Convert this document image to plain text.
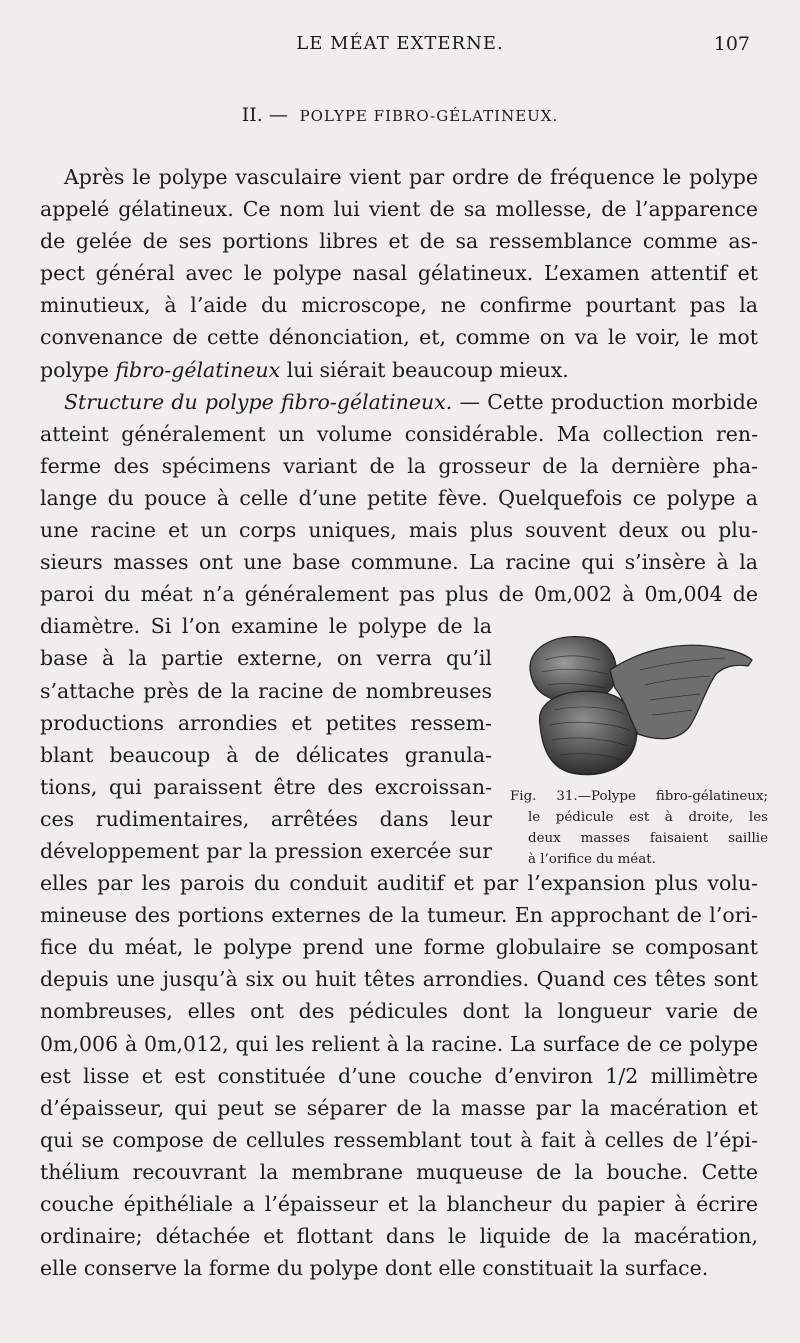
LE MÉAT EXTERNE.	107
II. — POLYPE FIBRO-GÉLATINEUX.
Après le polype vasculaire vient par ordre de fréquence le polype
appelé gélatineux. Ce nom lui vient de sa mollesse, de l’apparence
de gelée de ses portions libres et de sa ressemblance comme as-
pect général avec le polype nasal gélatineux. L’examen attentif et
minutieux, à l’aide du microscope, ne confirme pourtant pas la
convenance de cette dénonciation, et, comme on va le voir, le mot
polype fibro-gélatineux lui siérait beaucoup mieux.
Structure du polype fibro-gélatineux. — Cette production morbide
atteint généralement un volume considérable. Ma collection ren-
ferme des spécimens variant de la grosseur de la dernière pha-
lange du pouce à celle d’une petite fève. Quelquefois ce polype a
une racine et un corps uniques, mais plus souvent deux ou plu-
sieurs masses ont une base commune. La racine qui s’insère à la
paroi du méat n’a généralement pas plus de 0m,002 à 0m,004 de
diamètre. Si l’on examine le polype de la
base à la partie externe, on verra qu’il
s’attache près de la racine de nombreuses
productions arrondies et petites ressem-
blant beaucoup à de délicates granula-
tions, qui paraissent être des excroissan-
ces rudimentaires, arrêtées dans leur
développement par la pression exercée sur
elles par les parois du conduit auditif et par l’expansion plus volu-
mineuse des portions externes de la tumeur. En approchant de l’ori-
fice du méat, le polype prend une forme globulaire se composant
depuis une jusqu’à six ou huit têtes arrondies. Quand ces têtes sont
nombreuses, elles ont des pédicules dont la longueur varie de
0m,006 à 0m,012, qui les relient à la racine. La surface de ce polype
est lisse et est constituée d’une couche d’environ 1/2 millimètre
d’épaisseur, qui peut se séparer de la masse par la macération et
qui se compose de cellules ressemblant tout à fait à celles de l’épi-
thélium recouvrant la membrane muqueuse de la bouche. Cette
couche épithéliale a l’épaisseur et la blancheur du papier à écrire
ordinaire; détachée et flottant dans le liquide de la macération,
elle conserve la forme du polype dont elle constituait la surface.
Fig. 31.—Polype fibro-gélatineux;
le pédicule est à droite, les
deux masses faisaient saillie
à l’orifice du méat.
